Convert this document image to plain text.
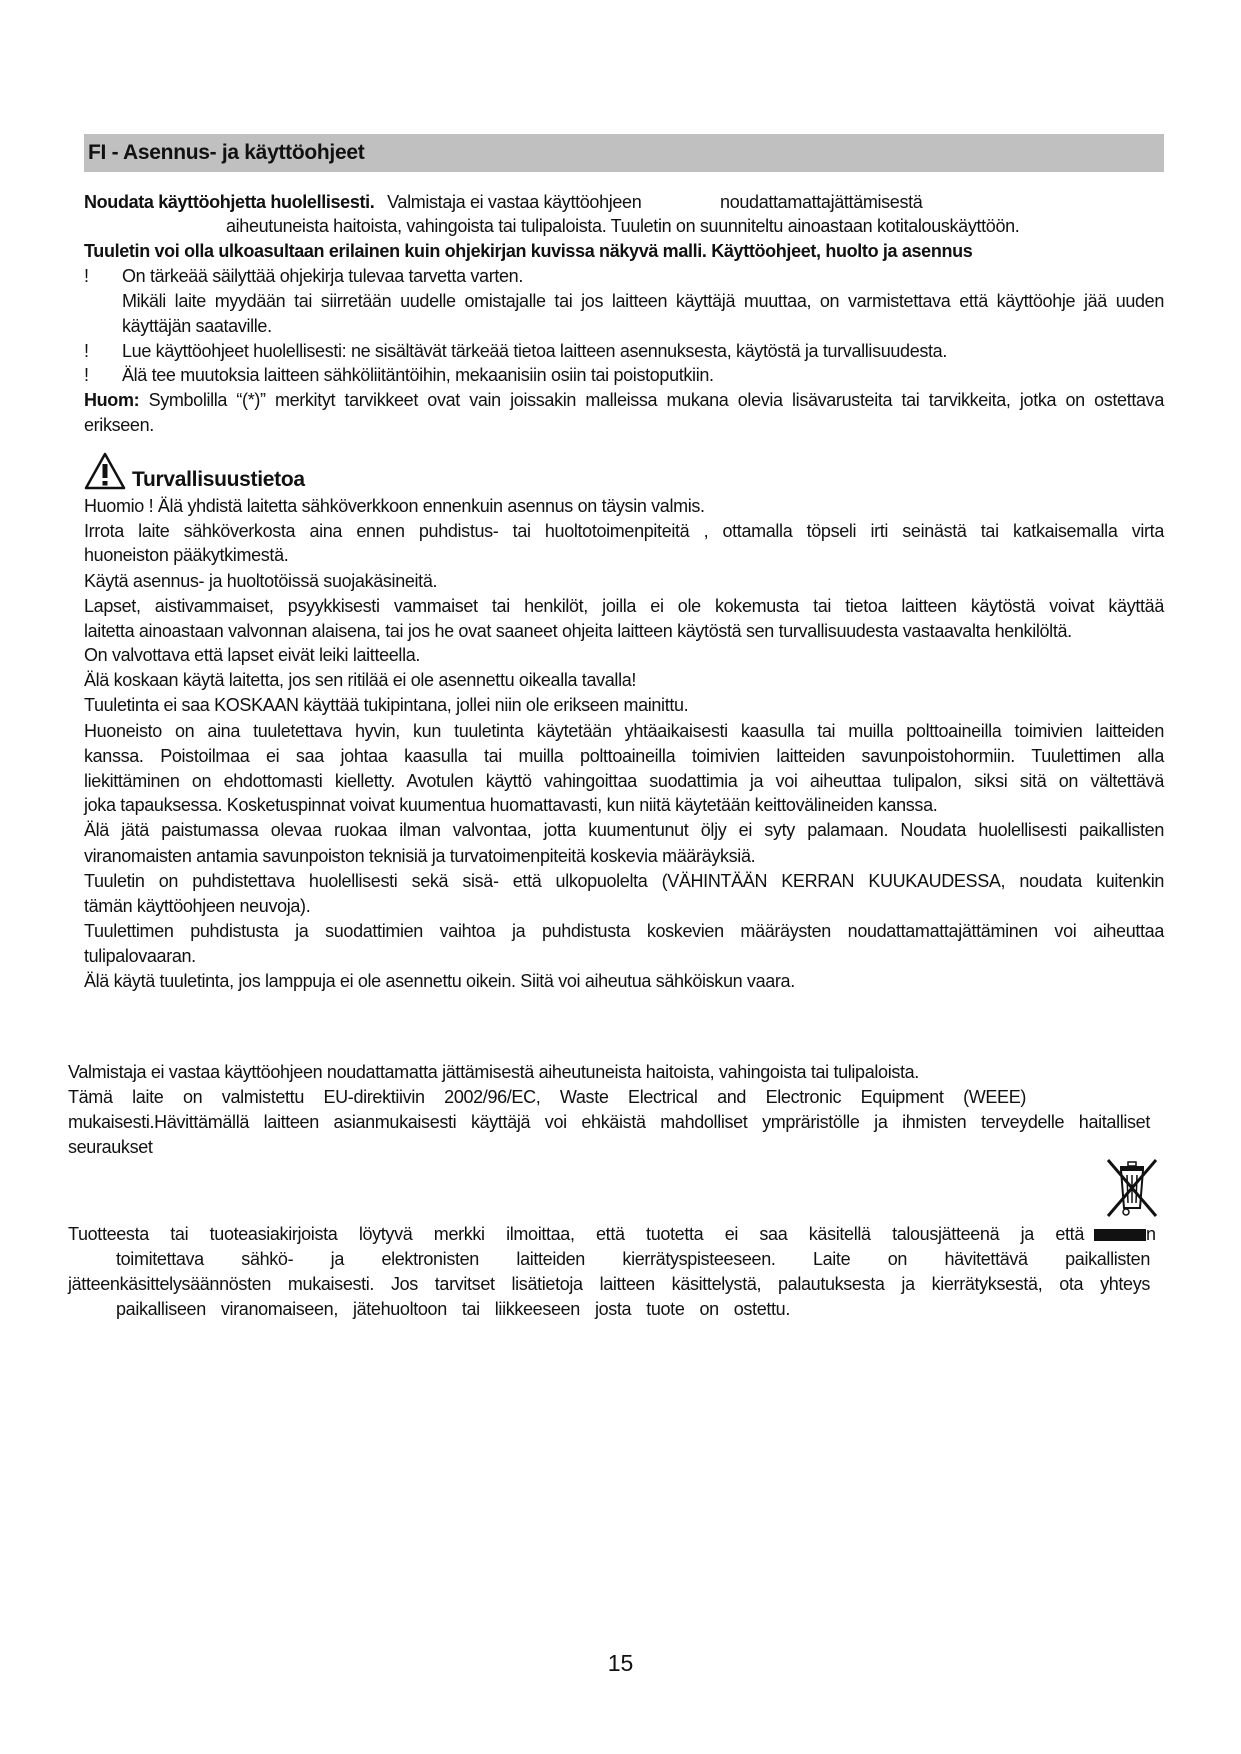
FI - Asennus- ja käyttöohjeet
Noudata käyttöohjetta huolellisesti. Valmistaja ei vastaa käyttöohjeen	noudattamattajättämisestä
aiheutuneista haitoista, vahingoista tai tulipaloista. Tuuletin on suunniteltu ainoastaan kotitalouskäyttöön.
Tuuletin voi olla ulkoasultaan erilainen kuin ohjekirjan kuvissa näkyvä malli. Käyttöohjeet, huolto ja asennus
! On tärkeää säilyttää ohjekirja tulevaa tarvetta varten.
Mikäli laite myydään tai siirretään uudelle omistajalle tai jos laitteen käyttäjä muuttaa, on varmistettava että käyttöohje jää uuden
käyttäjän saataville.
! Lue käyttöohjeet huolellisesti: ne sisältävät tärkeää tietoa laitteen asennuksesta, käytöstä ja turvallisuudesta.
! Älä tee muutoksia laitteen sähköliitäntöihin, mekaanisiin osiin tai poistoputkiin.
Huom: Symbolilla “(*)” merkityt tarvikkeet ovat vain joissakin malleissa mukana olevia lisävarusteita tai tarvikkeita, jotka on ostettava
erikseen.
Turvallisuustietoa
Huomio ! Älä yhdistä laitetta sähköverkkoon ennenkuin asennus on täysin valmis.
Irrota laite sähköverkosta aina ennen puhdistus- tai huoltotoimenpiteitä , ottamalla töpseli irti seinästä tai katkaisemalla virta
huoneiston pääkytkimestä.
Käytä asennus- ja huoltotöissä suojakäsineitä.
Lapset, aistivammaiset, psyykkisesti vammaiset tai henkilöt, joilla ei ole kokemusta tai tietoa laitteen käytöstä voivat käyttää
laitetta ainoastaan valvonnan alaisena, tai jos he ovat saaneet ohjeita laitteen käytöstä sen turvallisuudesta vastaavalta henkilöltä.
On valvottava että lapset eivät leiki laitteella.
Älä koskaan käytä laitetta, jos sen ritilää ei ole asennettu oikealla tavalla!
Tuuletinta ei saa KOSKAAN käyttää tukipintana, jollei niin ole erikseen mainittu.
Huoneisto on aina tuuletettava hyvin, kun tuuletinta käytetään yhtäaikaisesti kaasulla tai muilla polttoaineilla toimivien laitteiden
kanssa. Poistoilmaa ei saa johtaa kaasulla tai muilla polttoaineilla toimivien laitteiden savunpoistohormiin. Tuulettimen alla
liekittäminen on ehdottomasti kielletty. Avotulen käyttö vahingoittaa suodattimia ja voi aiheuttaa tulipalon, siksi sitä on vältettävä
joka tapauksessa. Kosketuspinnat voivat kuumentua huomattavasti, kun niitä käytetään keittovälineiden kanssa.
Älä jätä paistumassa olevaa ruokaa ilman valvontaa, jotta kuumentunut öljy ei syty palamaan. Noudata huolellisesti paikallisten
viranomaisten antamia savunpoiston teknisiä ja turvatoimenpiteitä koskevia määräyksiä.
Tuuletin on puhdistettava huolellisesti sekä sisä- että ulkopuolelta (VÄHINTÄÄN KERRAN KUUKAUDESSA, noudata kuitenkin
tämän käyttöohjeen neuvoja).
Tuulettimen puhdistusta ja suodattimien vaihtoa ja puhdistusta koskevien määräysten noudattamattajättäminen voi aiheuttaa
tulipalovaaran.
Älä käytä tuuletinta, jos lamppuja ei ole asennettu oikein. Siitä voi aiheutua sähköiskun vaara.
Valmistaja ei vastaa käyttöohjeen noudattamatta jättämisestä aiheutuneista haitoista, vahingoista tai tulipaloista.
Tämä laite on valmistettu EU-direktiivin 2002/96/EC, Waste Electrical and Electronic Equipment (WEEE)
mukaisesti.Hävittämällä laitteen asianmukaisesti käyttäjä voi ehkäistä mahdolliset ympräristölle ja ihmisten terveydelle haitalliset
seuraukset
Tuotteesta tai tuoteasiakirjoista löytyvä merkki ilmoittaa, että tuotetta ei saa käsitellä talousjätteenä ja että	n
toimitettava sähkö- ja elektronisten laitteiden kierrätyspisteeseen. Laite on hävitettävä paikallisten
jätteenkäsittelysäännösten mukaisesti. Jos tarvitset lisätietoja laitteen käsittelystä, palautuksesta ja kierrätyksestä, ota yhteys
paikalliseen viranomaiseen, jätehuoltoon tai liikkeeseen josta tuote on ostettu.
15
